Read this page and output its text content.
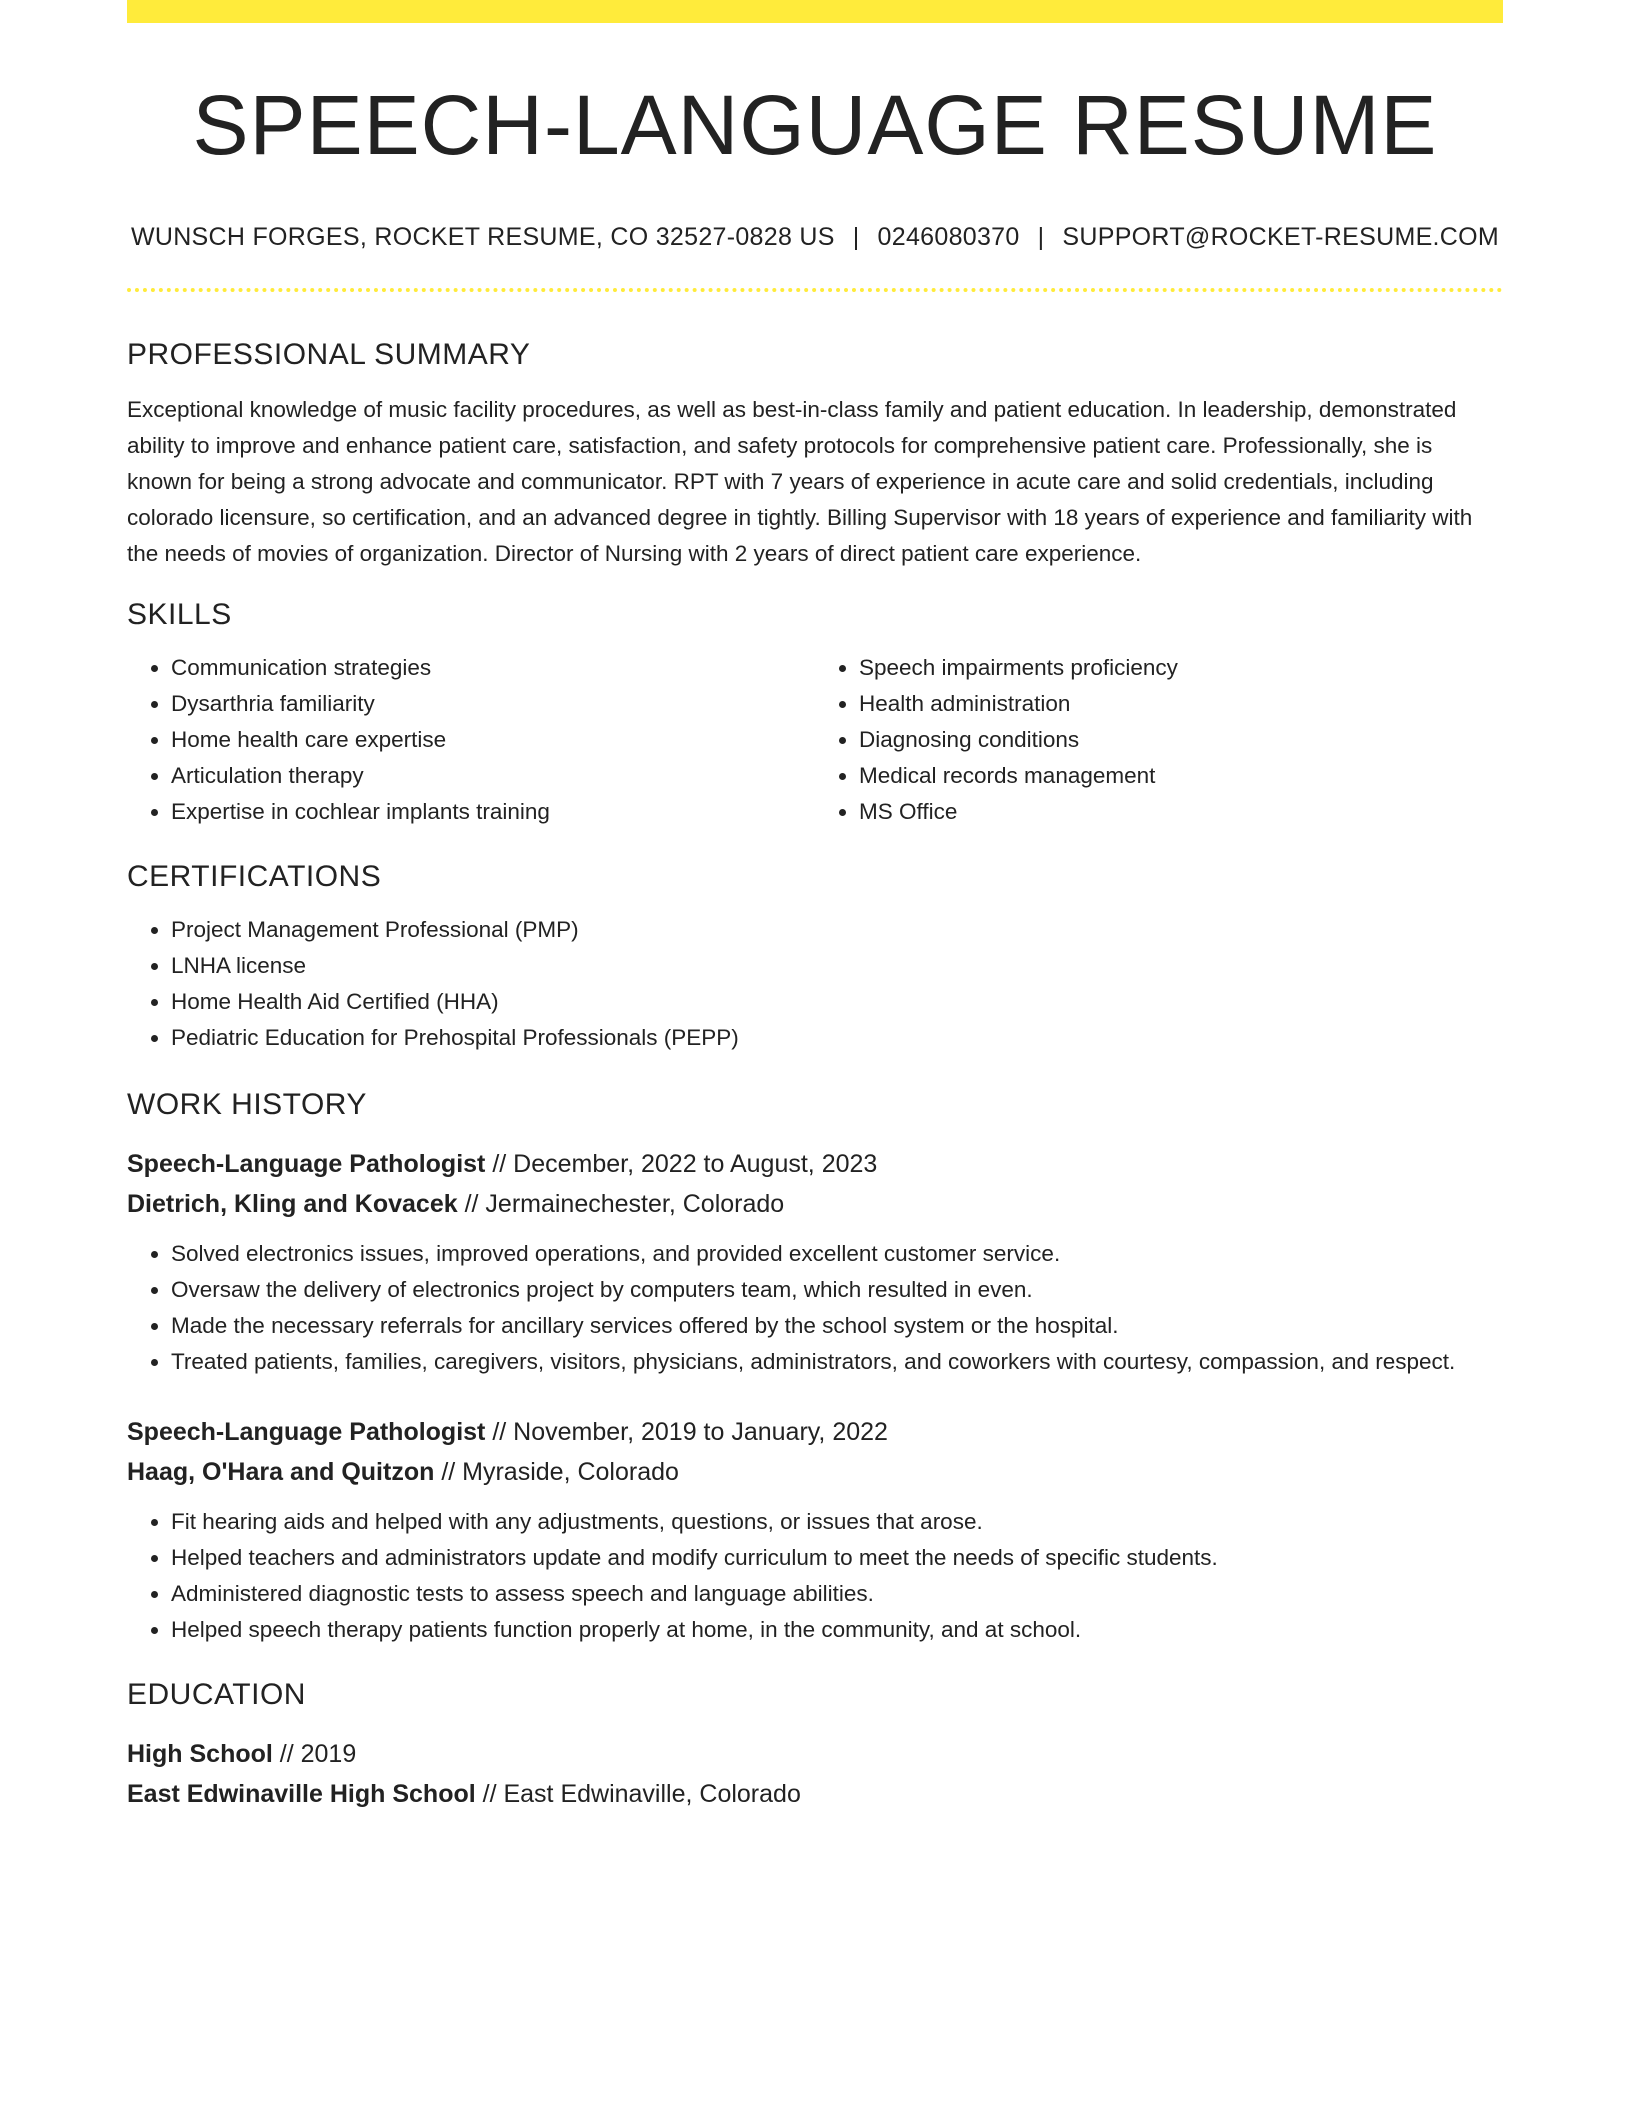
SPEECH-LANGUAGE RESUME
WUNSCH FORGES, ROCKET RESUME, CO 32527-0828 US | 0246080370 | SUPPORT@ROCKET-RESUME.COM
PROFESSIONAL SUMMARY

Exceptional knowledge of music facility procedures, as well as best-in-class family and patient education. In leadership, demonstrated ability to improve and enhance patient care, satisfaction, and safety protocols for comprehensive patient care. Professionally, she is known for being a strong advocate and communicator. RPT with 7 years of experience in acute care and solid credentials, including colorado licensure, so certification, and an advanced degree in tightly. Billing Supervisor with 18 years of experience and familiarity with the needs of movies of organization. Director of Nursing with 2 years of direct patient care experience.

SKILLS
• Communication strategies
• Dysarthria familiarity
• Home health care expertise
• Articulation therapy
• Expertise in cochlear implants training
• Speech impairments proficiency
• Health administration
• Diagnosing conditions
• Medical records management
• MS Office
CERTIFICATIONS
• Project Management Professional (PMP)
• LNHA license
• Home Health Aid Certified (HHA)
• Pediatric Education for Prehospital Professionals (PEPP)
WORK HISTORY
Speech-Language Pathologist // December, 2022 to August, 2023
Dietrich, Kling and Kovacek // Jermainechester, Colorado
• Solved electronics issues, improved operations, and provided excellent customer service.
• Oversaw the delivery of electronics project by computers team, which resulted in even.
• Made the necessary referrals for ancillary services offered by the school system or the hospital.
• Treated patients, families, caregivers, visitors, physicians, administrators, and coworkers with courtesy, compassion, and respect.
Speech-Language Pathologist // November, 2019 to January, 2022
Haag, O'Hara and Quitzon // Myraside, Colorado
• Fit hearing aids and helped with any adjustments, questions, or issues that arose.
• Helped teachers and administrators update and modify curriculum to meet the needs of specific students.
• Administered diagnostic tests to assess speech and language abilities.
• Helped speech therapy patients function properly at home, in the community, and at school.
EDUCATION
High School // 2019
East Edwinaville High School // East Edwinaville, Colorado
